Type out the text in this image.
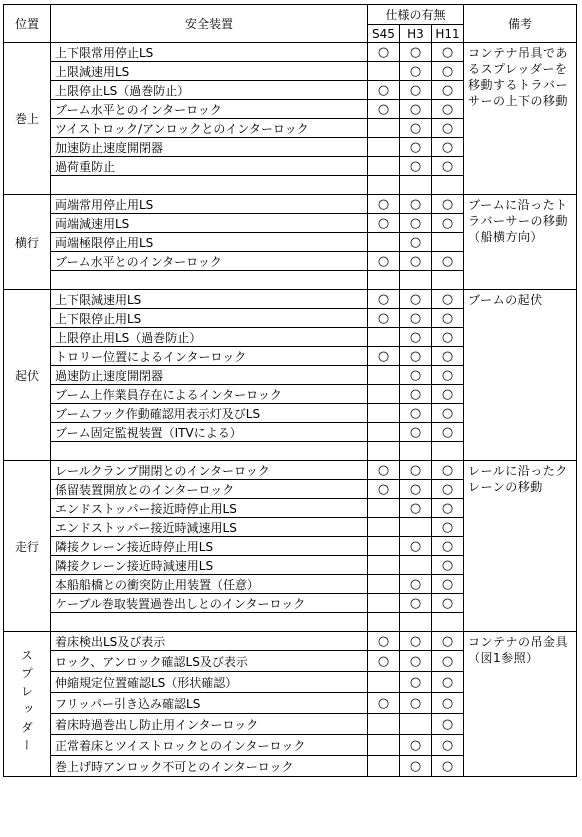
位置	安全装置	仕様の有無			備考
		S45	H3	H11	
巻上	上下限常用停止LS	○	○	○	コンテナ吊具であるスプレッダーを移動するトラバーサーの上下の移動
	上限減速用LS		○	○	
	上限停止LS（過巻防止）	○	○	○	
	ブーム水平とのインターロック	○	○	○	
	ツイストロック/アンロックとのインターロック		○	○	
	加速防止速度開閉器		○	○	
	過荷重防止		○	○	

横行	両端常用停止用LS	○	○	○	ブームに沿ったトラバーサーの移動（船横方向）
	両端減速用LS	○	○	○	
	両端極限停止用LS		○		
	ブーム水平とのインターロック	○	○	○	

起伏	上下限減速用LS	○	○	○	ブームの起伏
	上下限停止用LS	○	○	○	
	上限停止用LS（過巻防止）		○	○	
	トロリー位置によるインターロック	○	○	○	
	過速防止速度開閉器		○	○	
	ブーム上作業員存在によるインターロック		○	○	
	ブームフック作動確認用表示灯及びLS		○	○	
	ブーム固定監視装置（ITVによる）		○	○	

走行	レールクランプ開閉とのインターロック	○	○	○	レールに沿ったクレーンの移動
	係留装置開放とのインターロック	○	○	○	
	エンドストッパー接近時停止用LS		○	○	
	エンドストッパー接近時減速用LS			○	
	隣接クレーン接近時停止用LS		○	○	
	隣接クレーン接近時減速用LS			○	
	本船船橋との衝突防止用装置（任意）		○	○	
	ケーブル巻取装置過巻出しとのインターロック		○	○	

スプレッダー	着床検出LS及び表示	○	○	○	コンテナの吊金具（図1参照）
	ロック、アンロック確認LS及び表示	○	○	○	
	伸縮規定位置確認LS（形状確認）		○	○	
	フリッパー引き込み確認LS	○	○	○	
	着床時過巻出し防止用インターロック			○	
	正常着床とツイストロックとのインターロック		○	○	
	巻上げ時アンロック不可とのインターロック		○	○	
